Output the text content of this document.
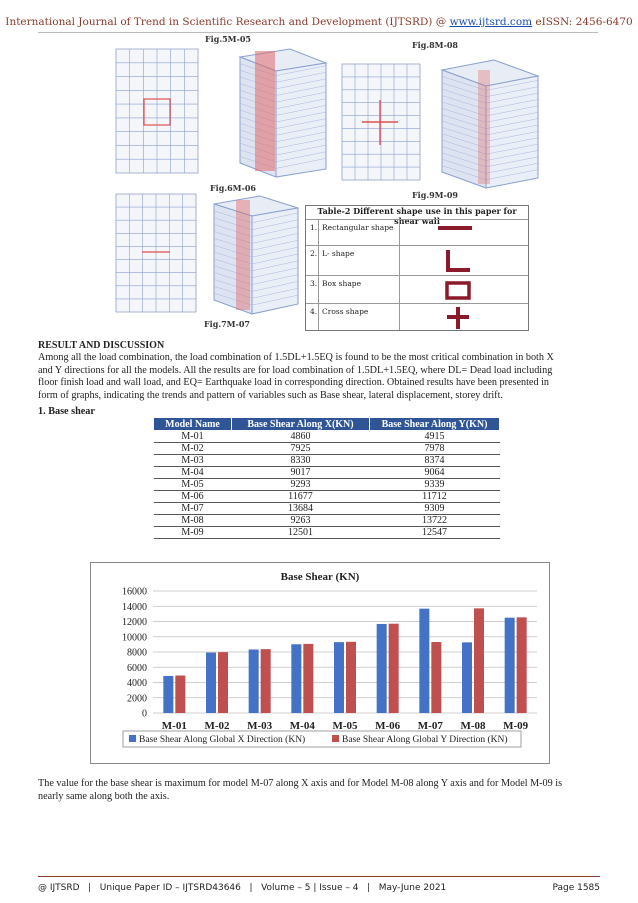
International Journal of Trend in Scientific Research and Development (IJTSRD) @ www.ijtsrd.com eISSN: 2456-6470
Fig.5M-05
Fig.6M-06
Fig.8M-08
Fig.9M-09
Fig.7M-07
Table-2 Different shape use in this paper for shear wall
1. Rectangular shape
2. L- shape
3. Box shape
4. Cross shape
RESULT AND DISCUSSION
Among all the load combination, the load combination of 1.5DL+1.5EQ is found to be the most critical combination in both X
and Y directions for all the models. All the results are for load combination of 1.5DL+1.5EQ, where DL= Dead load including
floor finish load and wall load, and EQ= Earthquake load in corresponding direction. Obtained results have been presented in
form of graphs, indicating the trends and pattern of variables such as Base shear, lateral displacement, storey drift.
1. Base shear
Model Name	Base Shear Along X(KN)	Base Shear Along Y(KN)
M-01	4860	4915
M-02	7925	7978
M-03	8330	8374
M-04	9017	9064
M-05	9293	9339
M-06	11677	11712
M-07	13684	9309
M-08	9263	13722
M-09	12501	12547
Base Shear (KN)
0
2000
4000
6000
8000
10000
12000
14000
16000
M-01 M-02 M-03 M-04 M-05 M-06 M-07 M-08 M-09
Base Shear Along Global X Direction (KN)	Base Shear Along Global Y Direction (KN)
The value for the base shear is maximum for model M-07 along X axis and for Model M-08 along Y axis and for Model M-09 is
nearly same along both the axis.
@ IJTSRD   |   Unique Paper ID – IJTSRD43646   |   Volume – 5 | Issue – 4   |   May-June 2021	Page 1585
